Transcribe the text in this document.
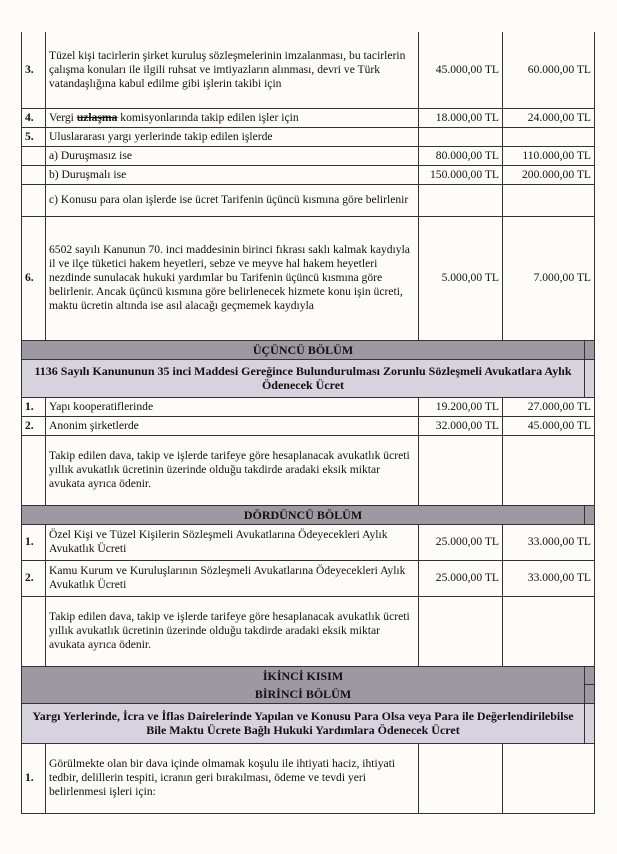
3.	Tüzel kişi tacirlerin şirket kuruluş sözleşmelerinin imzalanması, bu tacirlerin çalışma konuları ile ilgili ruhsat ve imtiyazların alınması, devri ve Türk vatandaşlığına kabul edilme gibi işlerin takibi için	45.000,00 TL	60.000,00 TL	
4.	Vergi uzlaşma komisyonlarında takip edilen işler için	18.000,00 TL	24.000,00 TL	
5.	Uluslararası yargı yerlerinde takip edilen işlerde			
	a) Duruşmasız ise	80.000,00 TL	110.000,00 TL	
	b) Duruşmalı ise	150.000,00 TL	200.000,00 TL	
	c) Konusu para olan işlerde ise ücret Tarifenin üçüncü kısmına göre belirlenir			
6.	6502 sayılı Kanunun 70. inci maddesinin birinci fıkrası saklı kalmak kaydıyla il ve ilçe tüketici hakem heyetleri, sebze ve meyve hal hakem heyetleri nezdinde sunulacak hukuki yardımlar bu Tarifenin üçüncü kısmına göre belirlenir. Ancak üçüncü kısmına göre belirlenecek hizmete konu işin ücreti, maktu ücretin altında ise asıl alacağı geçmemek kaydıyla	5.000,00 TL	7.000,00 TL	
ÜÇÜNCÜ BÖLÜM				
1136 Sayılı Kanununun 35 inci Maddesi Gereğince Bulundurulması Zorunlu Sözleşmeli Avukatlara Aylık Ödenecek Ücret				
1.	Yapı kooperatiflerinde	19.200,00 TL	27.000,00 TL	
2.	Anonim şirketlerde	32.000,00 TL	45.000,00 TL	
	Takip edilen dava, takip ve işlerde tarifeye göre hesaplanacak avukatlık ücreti yıllık avukatlık ücretinin üzerinde olduğu takdirde aradaki eksik miktar avukata ayrıca ödenir.			
DÖRDÜNCÜ BÖLÜM				
1.	Özel Kişi ve Tüzel Kişilerin Sözleşmeli Avukatlarına Ödeyecekleri Aylık Avukatlık Ücreti	25.000,00 TL	33.000,00 TL	
2.	Kamu Kurum ve Kuruluşlarının Sözleşmeli Avukatlarına Ödeyecekleri Aylık Avukatlık Ücreti	25.000,00 TL	33.000,00 TL	
	Takip edilen dava, takip ve işlerde tarifeye göre hesaplanacak avukatlık ücreti yıllık avukatlık ücretinin üzerinde olduğu takdirde aradaki eksik miktar avukata ayrıca ödenir.			
İKİNCİ KISIM				
BİRİNCİ BÖLÜM				
Yargı Yerlerinde, İcra ve İflas Dairelerinde Yapılan ve Konusu Para Olsa veya Para ile Değerlendirilebilse Bile Maktu Ücrete Bağlı Hukuki Yardımlara Ödenecek Ücret				
1.	Görülmekte olan bir dava içinde olmamak koşulu ile ihtiyati haciz, ihtiyati tedbir, delillerin tespiti, icranın geri bırakılması, ödeme ve tevdi yeri belirlenmesi işleri için:			
